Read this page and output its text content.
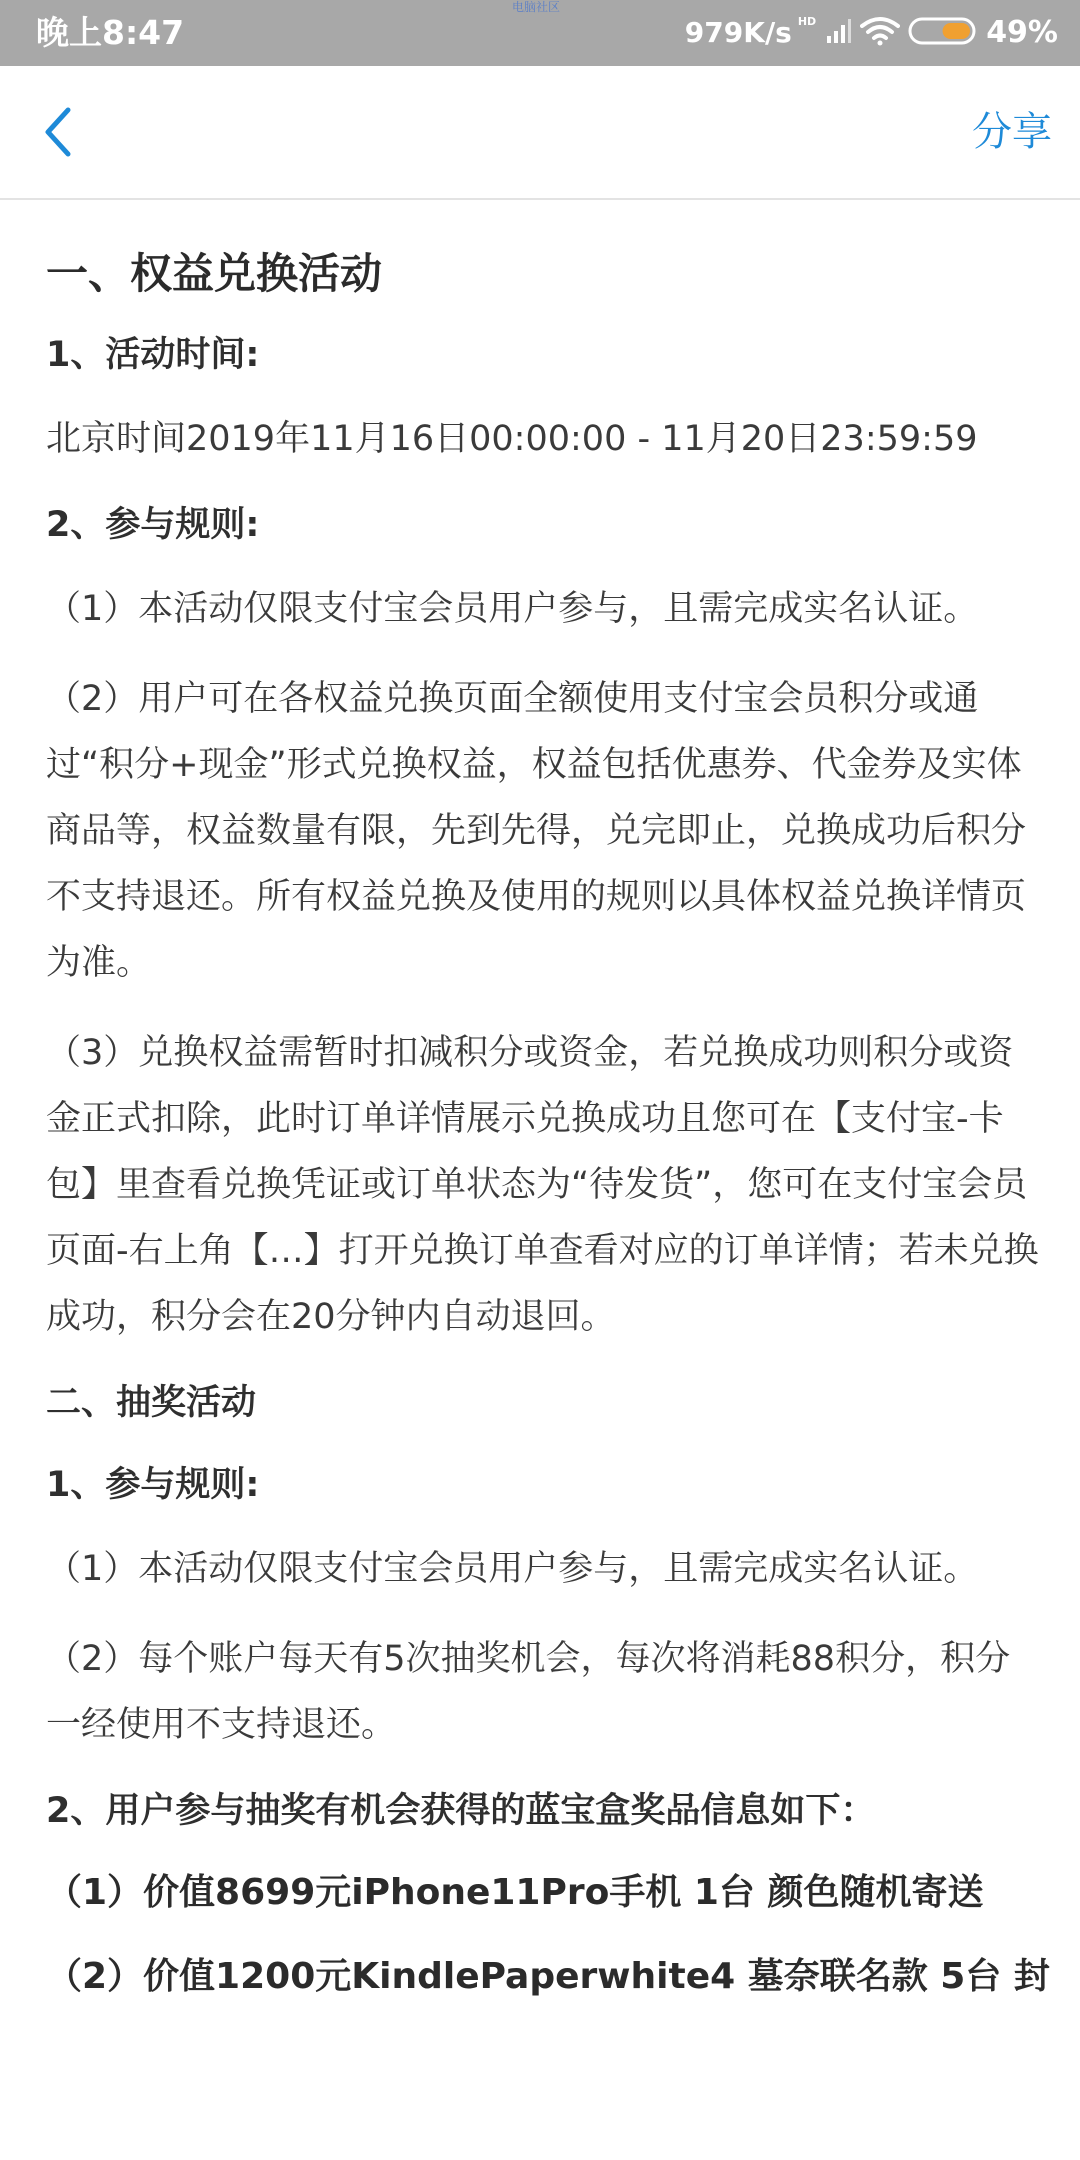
晚上8:47
电脑社区
979K/s HD	49%
分享
一、权益兑换活动
1、活动时间:
北京时间2019年11月16日00:00:00 - 11月20日23:59:59
2、参与规则:
（1）本活动仅限支付宝会员用户参与，且需完成实名认证。
（2）用户可在各权益兑换页面全额使用支付宝会员积分或通过“积分+现金”形式兑换权益，权益包括优惠券、代金券及实体商品等，权益数量有限，先到先得，兑完即止，兑换成功后积分不支持退还。所有权益兑换及使用的规则以具体权益兑换详情页为准。
（3）兑换权益需暂时扣减积分或资金，若兑换成功则积分或资金正式扣除，此时订单详情展示兑换成功且您可在【支付宝-卡包】里查看兑换凭证或订单状态为“待发货”，您可在支付宝会员页面-右上角【…】打开兑换订单查看对应的订单详情；若未兑换成功，积分会在20分钟内自动退回。
二、抽奖活动
1、参与规则:
（1）本活动仅限支付宝会员用户参与，且需完成实名认证。
（2）每个账户每天有5次抽奖机会，每次将消耗88积分，积分一经使用不支持退还。
2、用户参与抽奖有机会获得的蓝宝盒奖品信息如下：
（1）价值8699元iPhone11Pro手机 1台 颜色随机寄送
（2）价值1200元KindlePaperwhite4 墓奈联名款 5台 封
